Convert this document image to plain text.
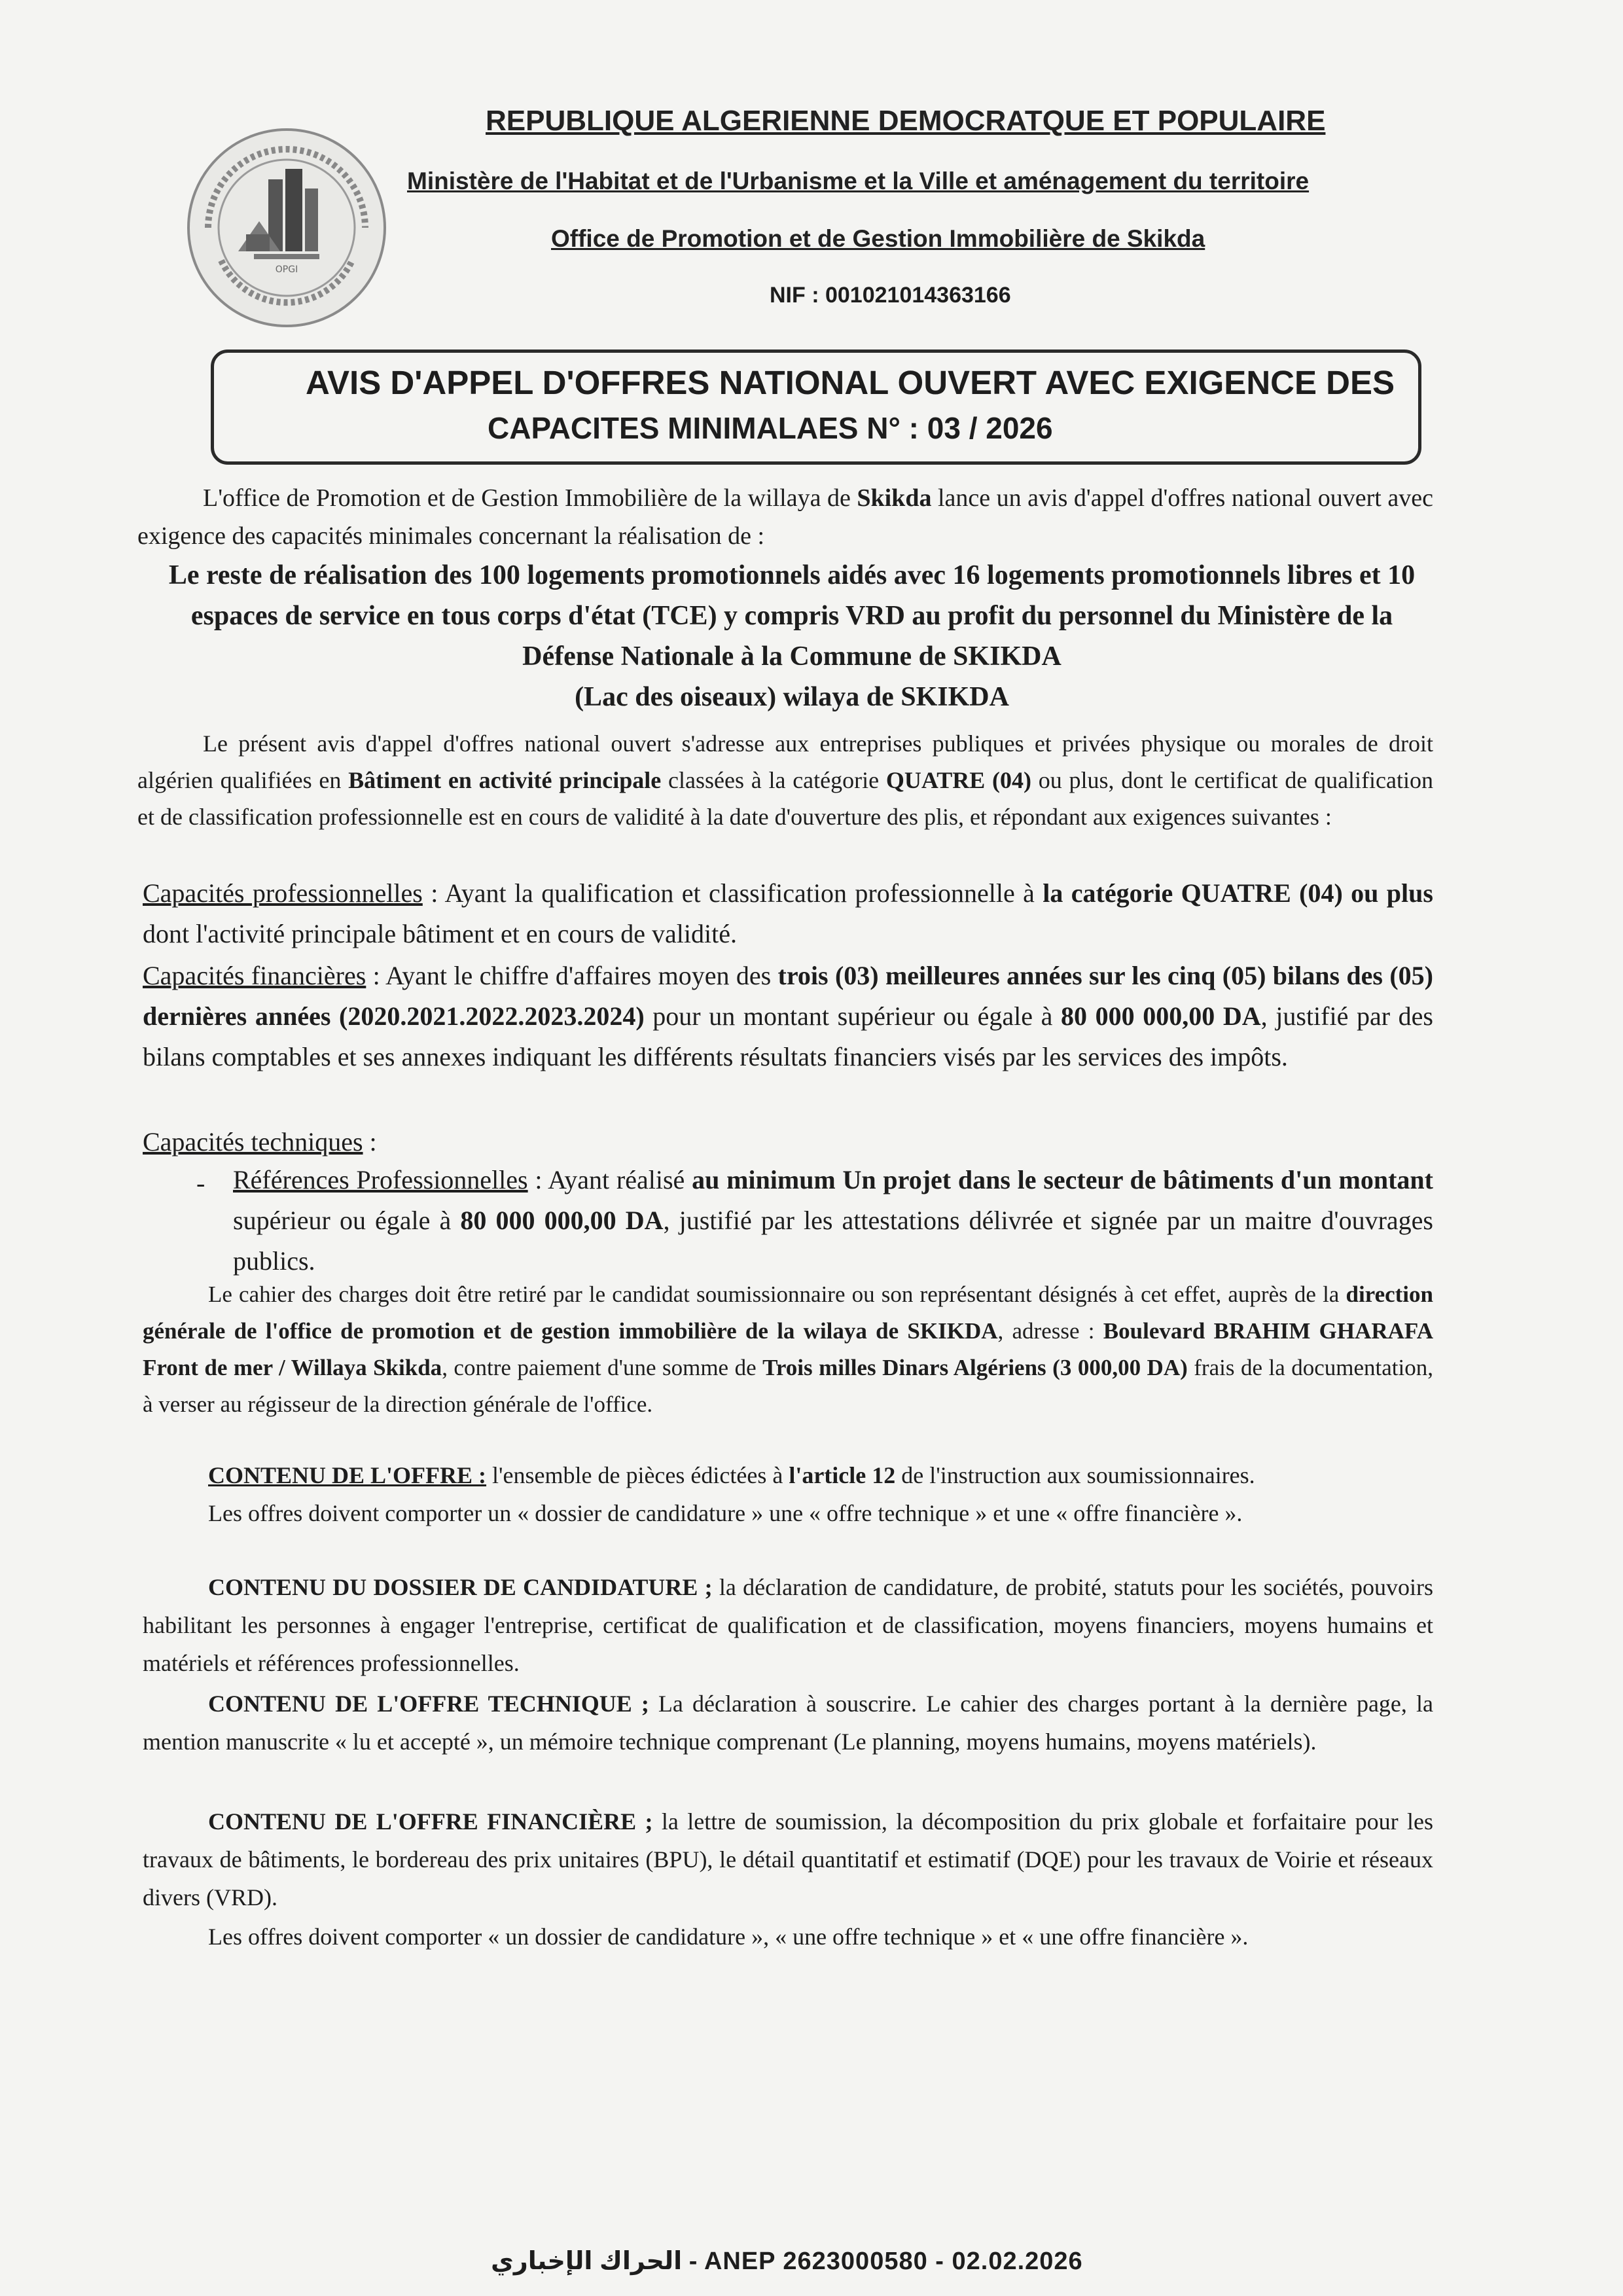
OPGI
REPUBLIQUE ALGERIENNE DEMOCRATQUE ET POPULAIRE
Ministère de l'Habitat et de l'Urbanisme et la Ville et aménagement du territoire
Office de Promotion et de Gestion Immobilière de Skikda
NIF : 001021014363166
AVIS D'APPEL D'OFFRES NATIONAL OUVERT AVEC EXIGENCE DES
CAPACITES MINIMALAES N° : 03 / 2026
L'office de Promotion et de Gestion Immobilière de la willaya de Skikda lance un avis d'appel d'offres national ouvert avec exigence des capacités minimales concernant la réalisation de :
Le reste de réalisation des 100 logements promotionnels aidés avec 16 logements promotionnels libres et 10 espaces de service en tous corps d'état (TCE) y compris VRD au profit du personnel du Ministère de la Défense Nationale à la Commune de SKIKDA
(Lac des oiseaux) wilaya de SKIKDA
Le présent avis d'appel d'offres national ouvert s'adresse aux entreprises publiques et privées physique ou morales de droit algérien qualifiées en Bâtiment en activité principale classées à la catégorie QUATRE (04) ou plus, dont le certificat de qualification et de classification professionnelle est en cours de validité à la date d'ouverture des plis, et répondant aux exigences suivantes :
Capacités professionnelles : Ayant la qualification et classification professionnelle à la catégorie QUATRE (04) ou plus dont l'activité principale bâtiment et en cours de validité.
Capacités financières : Ayant le chiffre d'affaires moyen des trois (03) meilleures années sur les cinq (05) bilans des (05) dernières années (2020.2021.2022.2023.2024) pour un montant supérieur ou égale à 80 000 000,00 DA, justifié par des bilans comptables et ses annexes indiquant les différents résultats financiers visés par les services des impôts.
Capacités techniques :
- Références Professionnelles : Ayant réalisé au minimum Un projet dans le secteur de bâtiments d'un montant supérieur ou égale à 80 000 000,00 DA, justifié par les attestations délivrée et signée par un maitre d'ouvrages publics.
Le cahier des charges doit être retiré par le candidat soumissionnaire ou son représentant désignés à cet effet, auprès de la direction générale de l'office de promotion et de gestion immobilière de la wilaya de SKIKDA, adresse : Boulevard BRAHIM GHARAFA Front de mer / Willaya Skikda, contre paiement d'une somme de Trois milles Dinars Algériens (3 000,00 DA) frais de la documentation, à verser au régisseur de la direction générale de l'office.
CONTENU DE L'OFFRE : l'ensemble de pièces édictées à l'article 12 de l'instruction aux soumissionnaires.
Les offres doivent comporter un « dossier de candidature » une « offre technique » et une « offre financière ».
CONTENU DU DOSSIER DE CANDIDATURE ; la déclaration de candidature, de probité, statuts pour les sociétés, pouvoirs habilitant les personnes à engager l'entreprise, certificat de qualification et de classification, moyens financiers, moyens humains et matériels et références professionnelles.
CONTENU DE L'OFFRE TECHNIQUE ; La déclaration à souscrire. Le cahier des charges portant à la dernière page, la mention manuscrite « lu et accepté », un mémoire technique comprenant (Le planning, moyens humains, moyens matériels).
CONTENU DE L'OFFRE FINANCIÈRE ; la lettre de soumission, la décomposition du prix globale et forfaitaire pour les travaux de bâtiments, le bordereau des prix unitaires (BPU), le détail quantitatif et estimatif (DQE) pour les travaux de Voirie et réseaux divers (VRD).
Les offres doivent comporter « un dossier de candidature », « une offre technique » et « une offre financière ».
الحراك الإخباري - ANEP 2623000580 - 02.02.2026
